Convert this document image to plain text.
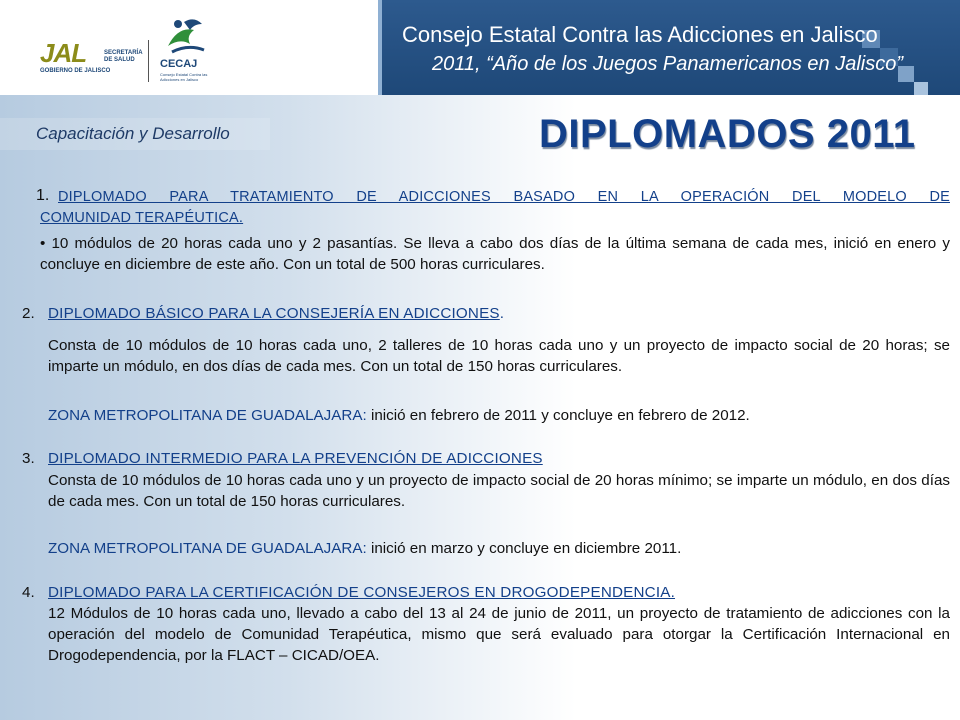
JAL
GOBIERNO DE JALISCO
SECRETARÍA DE SALUD	CECAJ
Consejo Estatal Contra las Adicciones en Jalisco
Consejo Estatal Contra las Adicciones en Jalisco
2011, “Año de los Juegos Panamericanos en Jalisco”
Capacitación y Desarrollo	DIPLOMADOS 2011
1. DIPLOMADO PARA TRATAMIENTO DE ADICCIONES BASADO EN LA OPERACIÓN DEL MODELO DE
COMUNIDAD TERAPÉUTICA.
• 10 módulos de 20 horas cada uno y 2 pasantías. Se lleva a cabo dos días de la última semana de cada mes, inició en enero y concluye en diciembre de este año. Con un total de 500 horas curriculares.
2. DIPLOMADO BÁSICO PARA LA CONSEJERÍA EN ADICCIONES.
Consta de 10 módulos de 10 horas cada uno, 2 talleres de 10 horas cada uno y un proyecto de impacto social de 20 horas; se imparte un módulo, en dos días de cada mes. Con un total de 150 horas curriculares.
ZONA METROPOLITANA DE GUADALAJARA: inició en febrero de 2011 y concluye en febrero de 2012.
3. DIPLOMADO INTERMEDIO PARA LA PREVENCIÓN DE ADICCIONES
Consta de 10 módulos de 10 horas cada uno y un proyecto de impacto social de 20 horas mínimo; se imparte un módulo, en dos días de cada mes. Con un total de 150 horas curriculares.
ZONA METROPOLITANA DE GUADALAJARA: inició en marzo y concluye en diciembre 2011.
4. DIPLOMADO PARA LA CERTIFICACIÓN DE CONSEJEROS EN DROGODEPENDENCIA.
12 Módulos de 10 horas cada uno, llevado a cabo del 13 al 24 de junio de 2011, un proyecto de tratamiento de adicciones con la operación del modelo de Comunidad Terapéutica, mismo que será evaluado para otorgar la Certificación Internacional en Drogodependencia, por la FLACT – CICAD/OEA.
